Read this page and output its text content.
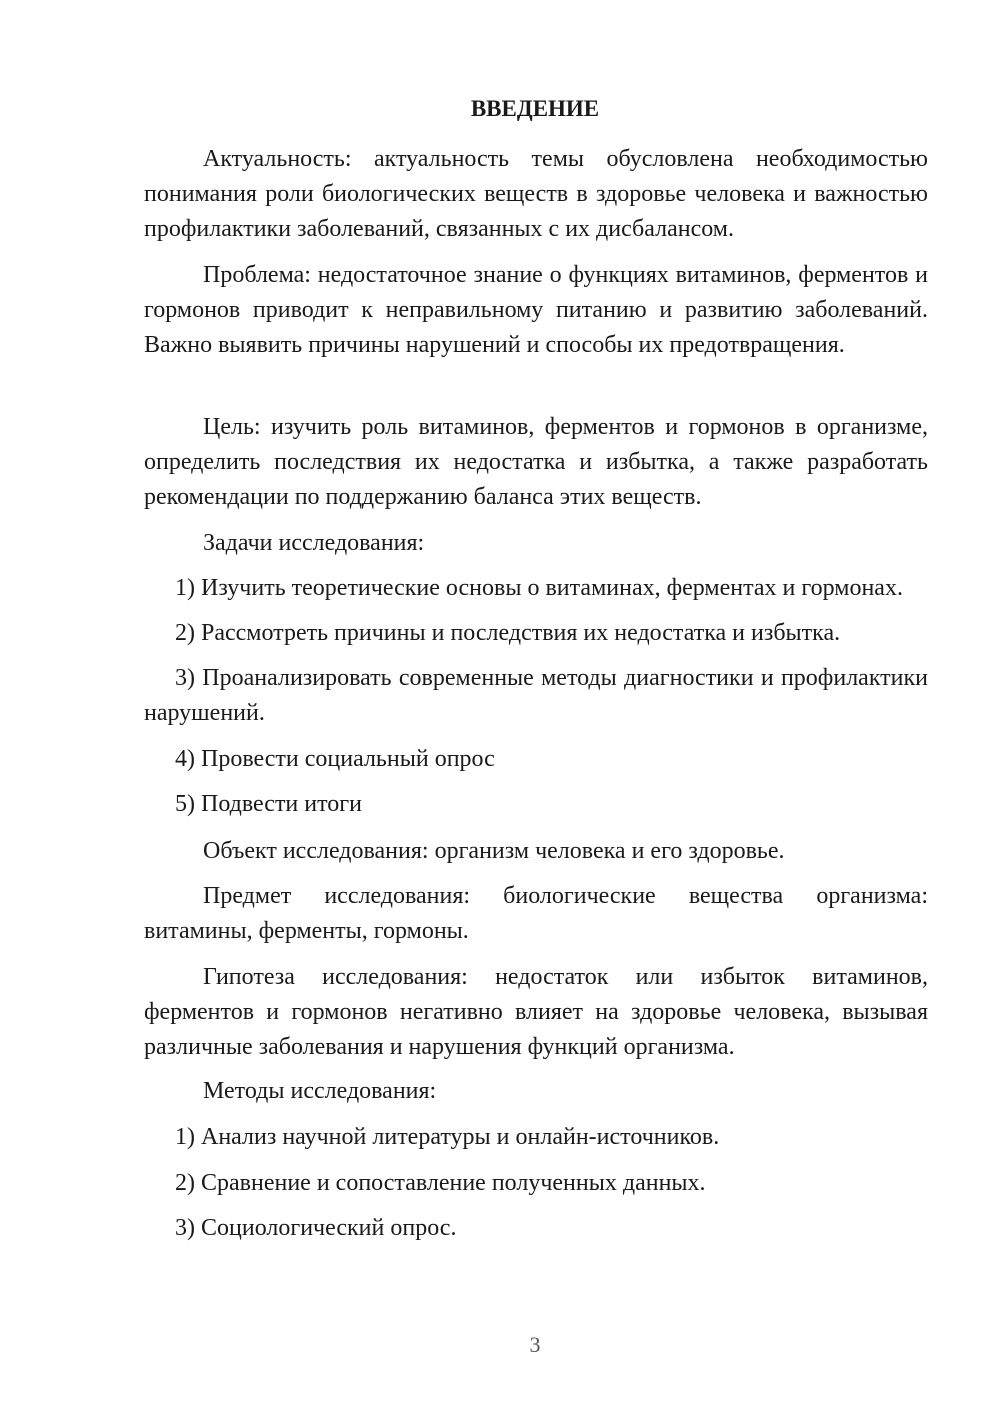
ВВЕДЕНИЕ

Актуальность: актуальность темы обусловлена необходимостью понимания роли биологических веществ в здоровье человека и важностью профилактики заболеваний, связанных с их дисбалансом.

Проблема: недостаточное знание о функциях витаминов, ферментов и гормонов приводит к неправильному питанию и развитию заболеваний. Важно выявить причины нарушений и способы их предотвращения.

Цель: изучить роль витаминов, ферментов и гормонов в организме, определить последствия их недостатка и избытка, а также разработать рекомендации по поддержанию баланса этих веществ.

Задачи исследования:

1) Изучить теоретические основы о витаминах, ферментах и гормонах.

2) Рассмотреть причины и последствия их недостатка и избытка.

3) Проанализировать современные методы диагностики и профилактики нарушений.

4) Провести социальный опрос

5) Подвести итоги

Объект исследования: организм человека и его здоровье.

Предмет исследования: биологические вещества организма: витамины, ферменты, гормоны.

Гипотеза исследования: недостаток или избыток витаминов, ферментов и гормонов негативно влияет на здоровье человека, вызывая различные заболевания и нарушения функций организма.

Методы исследования:

1) Анализ научной литературы и онлайн-источников.

2) Сравнение и сопоставление полученных данных.

3) Социологический опрос.

3
